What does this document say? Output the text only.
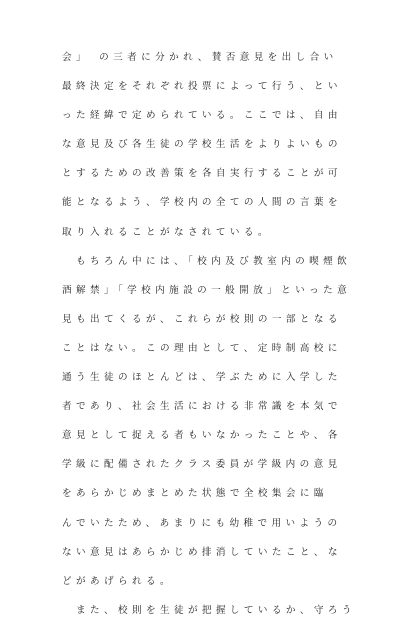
会」　の三者に分かれ、賛否意見を出し合い
最終決定をそれぞれ投票によって行う、とい
った経緯で定められている。ここでは、自由
な意見及び各生徒の学校生活をよりよいもの
とするための改善策を各自実行することが可
能となるよう、学校内の全ての人間の言葉を
取り入れることがなされている。
　もちろん中には、「校内及び教室内の喫煙飲
酒解禁」「学校内施設の一般開放」といった意
見も出てくるが、これらが校則の一部となる
ことはない。この理由として、定時制高校に
通う生徒のほとんどは、学ぶために入学した
者であり、社会生活における非常識を本気で
意見として捉える者もいなかったことや、各
学級に配備されたクラス委員が学級内の意見
をあらかじめまとめた状態で全校集会に臨
んでいたため、あまりにも幼稚で用いようの
ない意見はあらかじめ排消していたこと、な
どがあげられる。
　また、校則を生徒が把握しているか、守ろう
